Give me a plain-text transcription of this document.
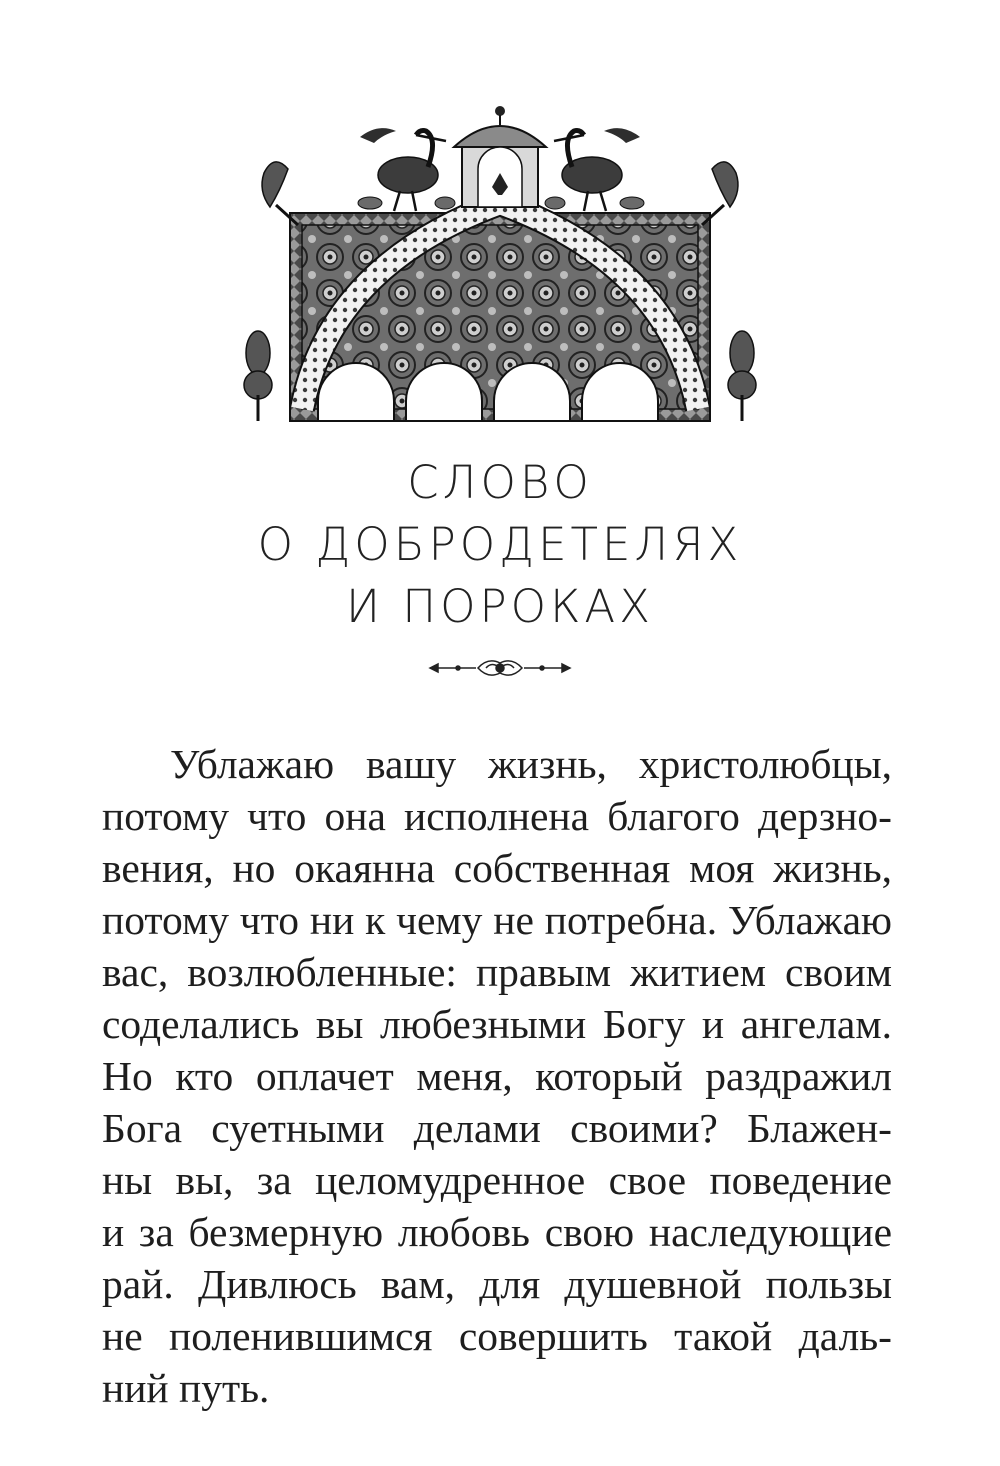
СЛОВО
О ДОБРОДЕТЕЛЯХ
И ПОРОКАХ
Ублажаю вашу жизнь, христолюбцы,
потому что она исполнена благого дерзно-
вения, но окаянна собственная моя жизнь,
потому что ни к чему не потребна. Ублажаю
вас, возлюбленные: правым житием своим
соделались вы любезными Богу и ангелам.
Но кто оплачет меня, который раздражил
Бога суетными делами своими? Блажен-
ны вы, за целомудренное свое поведение
и за безмерную любовь свою наследующие
рай. Дивлюсь вам, для душевной пользы
не поленившимся совершить такой даль-
ний путь.
